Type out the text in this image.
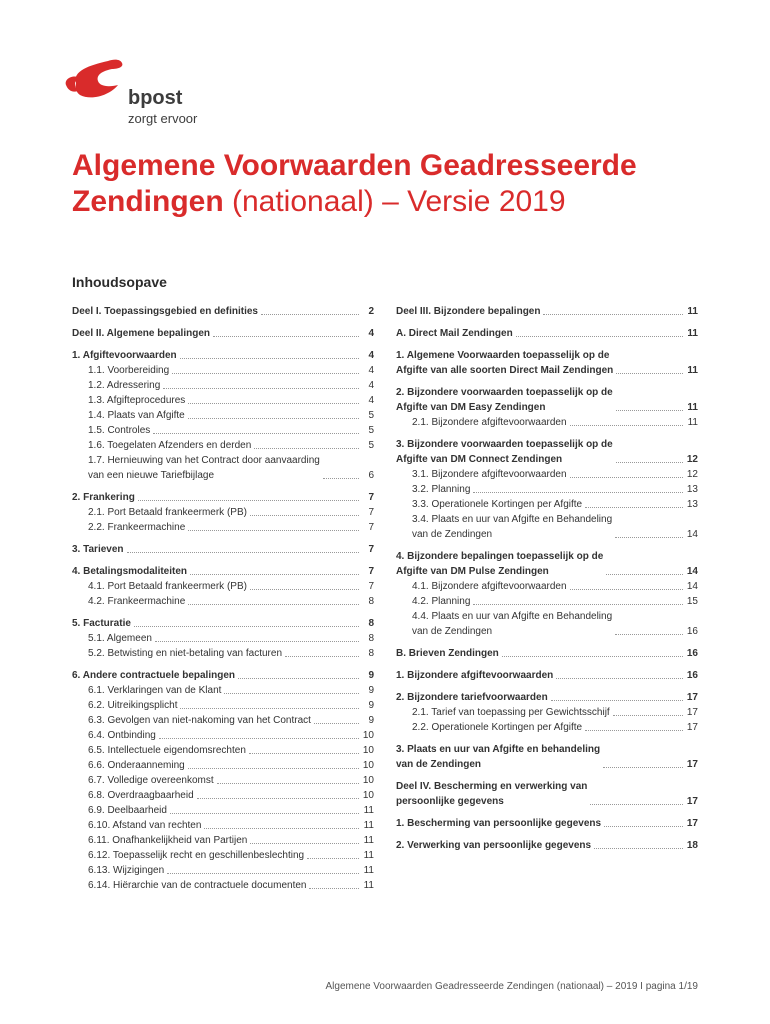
bpost
zorgt ervoor
Algemene Voorwaarden Geadresseerde Zendingen (nationaal) – Versie 2019
Inhoudsopave
Deel I. Toepassingsgebied en definities	2
Deel II. Algemene bepalingen	4
1. Afgiftevoorwaarden	4
1.1. Voorbereiding	4
1.2. Adressering	4
1.3. Afgifteprocedures	4
1.4. Plaats van Afgifte	5
1.5. Controles	5
1.6. Toegelaten Afzenders en derden	5
1.7. Hernieuwing van het Contract door aanvaarding
van een nieuwe Tariefbijlage	6
2. Frankering	7
2.1. Port Betaald frankeermerk (PB)	7
2.2. Frankeermachine	7
3. Tarieven	7
4. Betalingsmodaliteiten	7
4.1. Port Betaald frankeermerk (PB)	7
4.2. Frankeermachine	8
5. Facturatie	8
5.1. Algemeen	8
5.2. Betwisting en niet-betaling van facturen	8
6. Andere contractuele bepalingen	9
6.1. Verklaringen van de Klant	9
6.2. Uitreikingsplicht	9
6.3. Gevolgen van niet-nakoming van het Contract	9
6.4. Ontbinding	10
6.5. Intellectuele eigendomsrechten	10
6.6. Onderaanneming	10
6.7. Volledige overeenkomst	10
6.8. Overdraagbaarheid	10
6.9. Deelbaarheid	11
6.10. Afstand van rechten	11
6.11. Onafhankelijkheid van Partijen	11
6.12. Toepasselijk recht en geschillenbeslechting	11
6.13. Wijzigingen	11
6.14. Hiërarchie van de contractuele documenten	11
Deel III. Bijzondere bepalingen	11
A. Direct Mail Zendingen	11
1. Algemene Voorwaarden toepasselijk op de
Afgifte van alle soorten Direct Mail Zendingen	11
2. Bijzondere voorwaarden toepasselijk op de
Afgifte van DM Easy Zendingen	11
2.1. Bijzondere afgiftevoorwaarden	11
3. Bijzondere voorwaarden toepasselijk op de
Afgifte van DM Connect Zendingen	12
3.1. Bijzondere afgiftevoorwaarden	12
3.2. Planning	13
3.3. Operationele Kortingen per Afgifte	13
3.4. Plaats en uur van Afgifte en Behandeling
van de Zendingen	14
4. Bijzondere bepalingen toepasselijk op de
Afgifte van DM Pulse Zendingen	14
4.1. Bijzondere afgiftevoorwaarden	14
4.2. Planning	15
4.4. Plaats en uur van Afgifte en Behandeling
van de Zendingen	16
B. Brieven Zendingen	16
1. Bijzondere afgiftevoorwaarden	16
2. Bijzondere tariefvoorwaarden	17
2.1. Tarief van toepassing per Gewichtsschijf	17
2.2. Operationele Kortingen per Afgifte	17
3. Plaats en uur van Afgifte en behandeling
van de Zendingen	17
Deel IV. Bescherming en verwerking van
persoonlijke gegevens	17
1. Bescherming van persoonlijke gegevens	17
2. Verwerking van persoonlijke gegevens	18
Algemene Voorwaarden Geadresseerde Zendingen (nationaal) – 2019 I pagina 1/19
